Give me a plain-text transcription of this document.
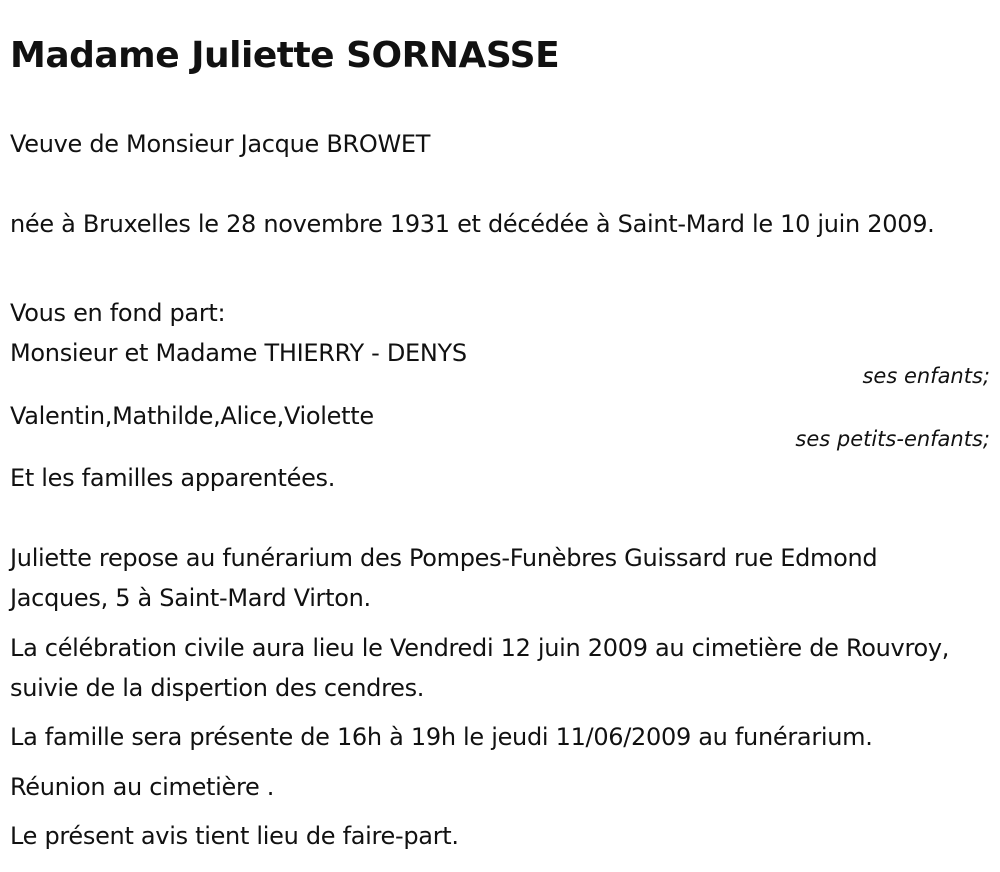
Madame Juliette SORNASSE

Veuve de Monsieur Jacque BROWET

née à Bruxelles le 28 novembre 1931 et décédée à Saint-Mard le 10 juin 2009.

Vous en fond part:

Monsieur et Madame THIERRY - DENYS

ses enfants;

Valentin,Mathilde,Alice,Violette

ses petits-enfants;

Et les familles apparentées.

Juliette repose au funérarium des Pompes-Funèbres Guissard rue Edmond Jacques, 5 à Saint-Mard Virton.

La célébration civile aura lieu le Vendredi 12 juin 2009 au cimetière de Rouvroy, suivie de la dispertion des cendres.

La famille sera présente de 16h à 19h le jeudi 11/06/2009 au funérarium.

Réunion au cimetière .

Le présent avis tient lieu de faire-part.
